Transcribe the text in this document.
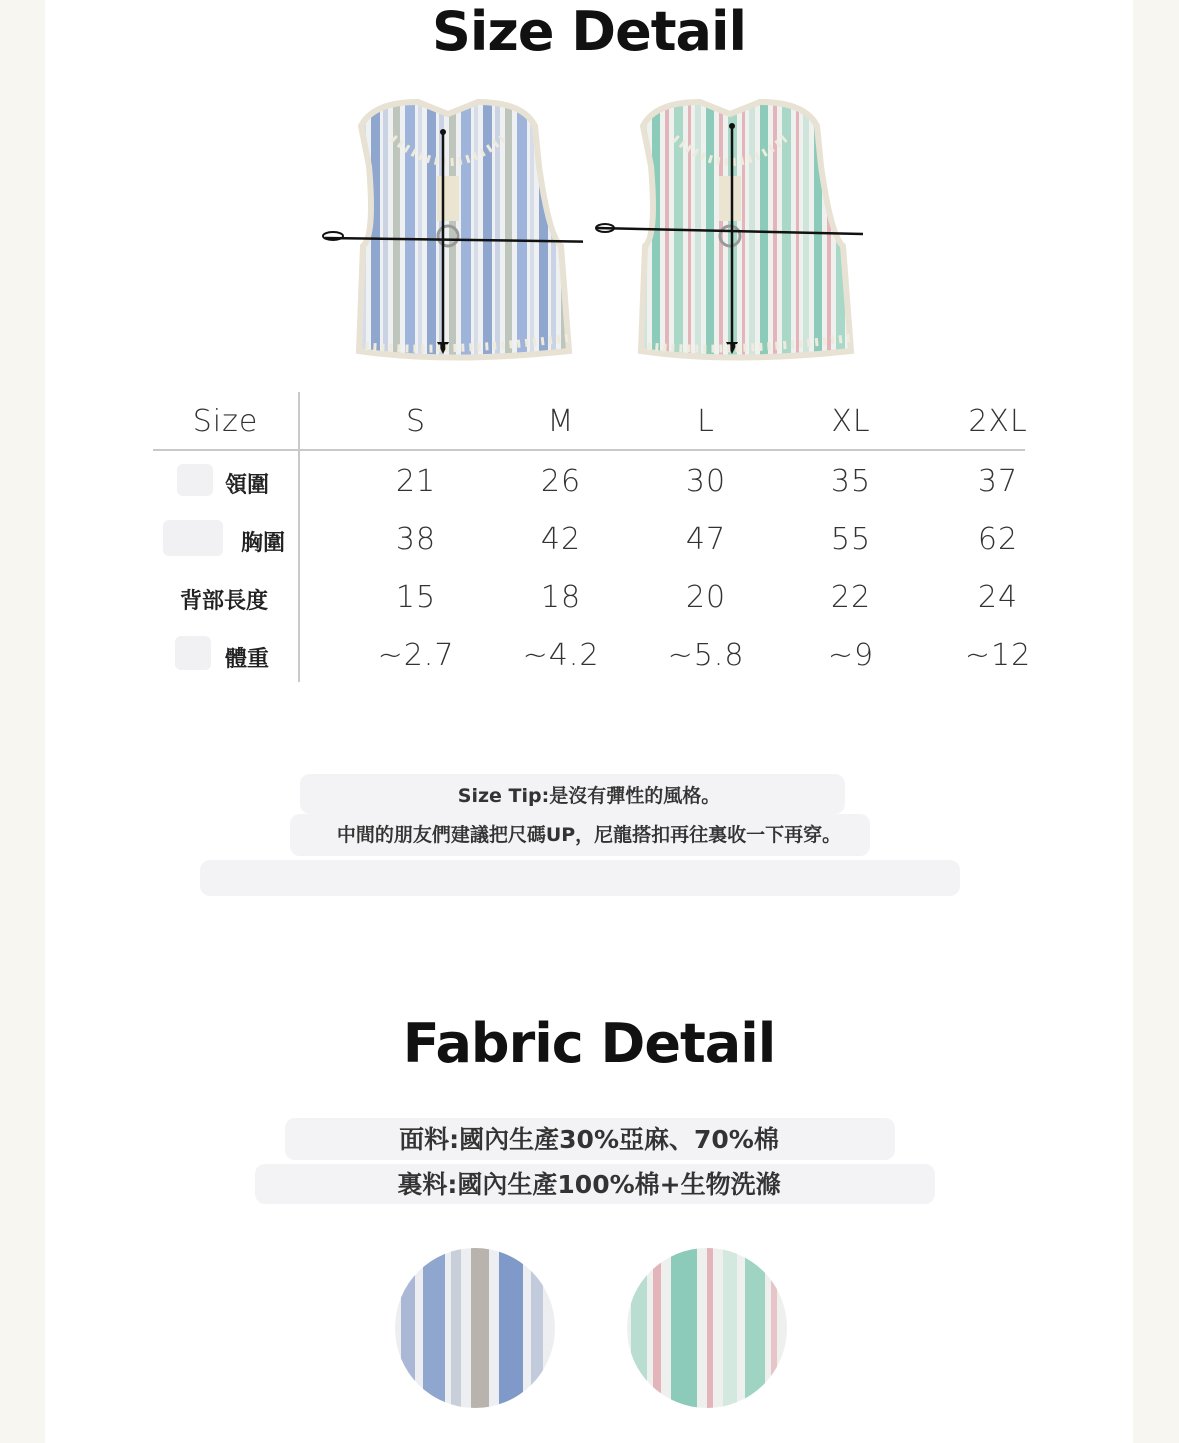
Size Detail
Size	S	M	L	XL	2XL
領圍	21	26	30	35	37
胸圍	38	42	47	55	62
背部長度	15	18	20	22	24
體重	~2.7	~4.2	~5.8	~9	~12
Size Tip:是沒有彈性的風格。
中間的朋友們建議把尺碼UP，尼龍搭扣再往裏收一下再穿。
Fabric Detail
面料:國內生產30%亞麻、70%棉
裏料:國內生產100%棉+生物洗滌
